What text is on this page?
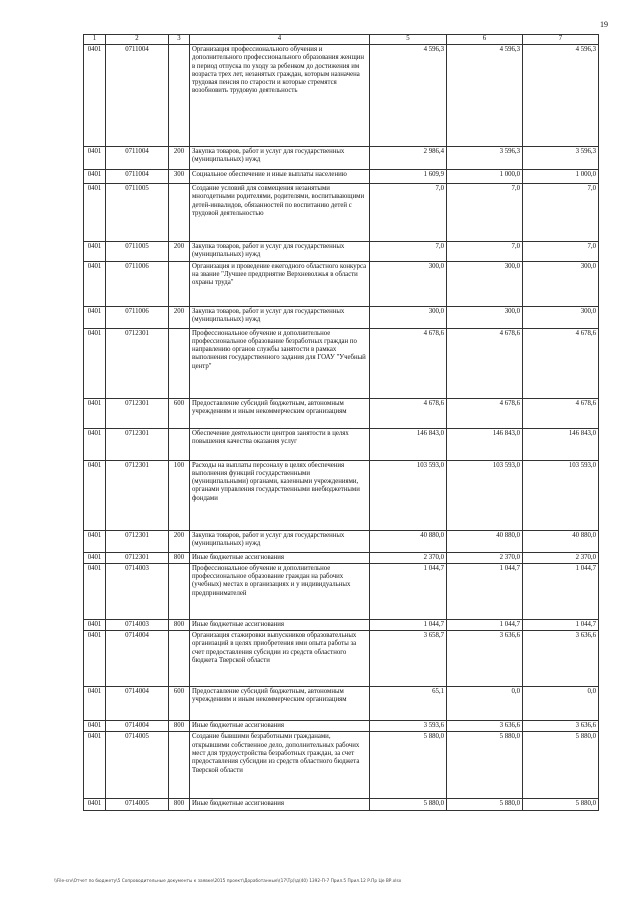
19
1	2	3	4	5	6	7
0401	0711004		Организация профессионального обучения и дополнительного профессионального образования женщин в период отпуска по уходу за ребенком до достижения им возраста трех лет, незанятых граждан, которым назначена трудовая пенсия по старости и которые стремятся возобновить трудовую деятельность	4 596,3	4 596,3	4 596,3
0401	0711004	200	Закупка товаров, работ и услуг для государственных (муниципальных) нужд	2 986,4	3 596,3	3 596,3
0401	0711004	300	Социальное обеспечение и иные выплаты населению	1 609,9	1 000,0	1 000,0
0401	0711005		Создание условий для совмещения незанятыми многодетными родителями, родителями, воспитывающими детей-инвалидов, обязанностей по воспитанию детей с трудовой деятельностью	7,0	7,0	7,0
0401	0711005	200	Закупка товаров, работ и услуг для государственных (муниципальных) нужд	7,0	7,0	7,0
0401	0711006		Организация и проведение ежегодного областного конкурса на звание "Лучшее предприятие Верхневолжья в области охраны труда"	300,0	300,0	300,0
0401	0711006	200	Закупка товаров, работ и услуг для государственных (муниципальных) нужд	300,0	300,0	300,0
0401	0712301		Профессиональное обучение и дополнительное профессиональное образование безработных граждан по направлению органов службы занятости в рамках выполнения государственного задания для ГОАУ "Учебный центр"	4 678,6	4 678,6	4 678,6
0401	0712301	600	Предоставление субсидий бюджетным, автономным учреждениям и иным некоммерческим организациям	4 678,6	4 678,6	4 678,6
0401	0712301		Обеспечение деятельности центров занятости в целях повышения качества оказания услуг	146 843,0	146 843,0	146 843,0
0401	0712301	100	Расходы на выплаты персоналу в целях обеспечения выполнения функций государственными (муниципальными) органами, казенными учреждениями, органами управления государственными внебюджетными фондами	103 593,0	103 593,0	103 593,0
0401	0712301	200	Закупка товаров, работ и услуг для государственных (муниципальных) нужд	40 880,0	40 880,0	40 880,0
0401	0712301	800	Иные бюджетные ассигнования	2 370,0	2 370,0	2 370,0
0401	0714003		Профессиональное обучение и дополнительное профессиональное образование граждан на рабочих (учебных) местах в организациях и у индивидуальных предпринимателей	1 044,7	1 044,7	1 044,7
0401	0714003	800	Иные бюджетные ассигнования	1 044,7	1 044,7	1 044,7
0401	0714004		Организация стажировки выпускников образовательных организаций в целях приобретения ими опыта работы за счет предоставления субсидии из средств областного бюджета Тверской области	3 658,7	3 636,6	3 636,6
0401	0714004	600	Предоставление субсидий бюджетным, автономным учреждениям и иным некоммерческим организациям	65,1	0,0	0,0
0401	0714004	800	Иные бюджетные ассигнования	3 593,6	3 636,6	3 636,6
0401	0714005		Создание бывшими безработными гражданами, открывшими собственное дело, дополнительных рабочих мест для трудоустройства безработных граждан, за счет предоставления субсидии из средств областного бюджета Тверской области	5 880,0	5 880,0	5 880,0
0401	0714005	800	Иные бюджетные ассигнования	5 880,0	5 880,0	5 880,0
\\File-srv\Отчет по бюджету\5 Сопроводительные документы к заявке\2015 проект\Доработанные\(17\Тр)\д(40) 1392-П-7 Прил.5 Прил.12 Р.Пр Це ВР.xlsx
